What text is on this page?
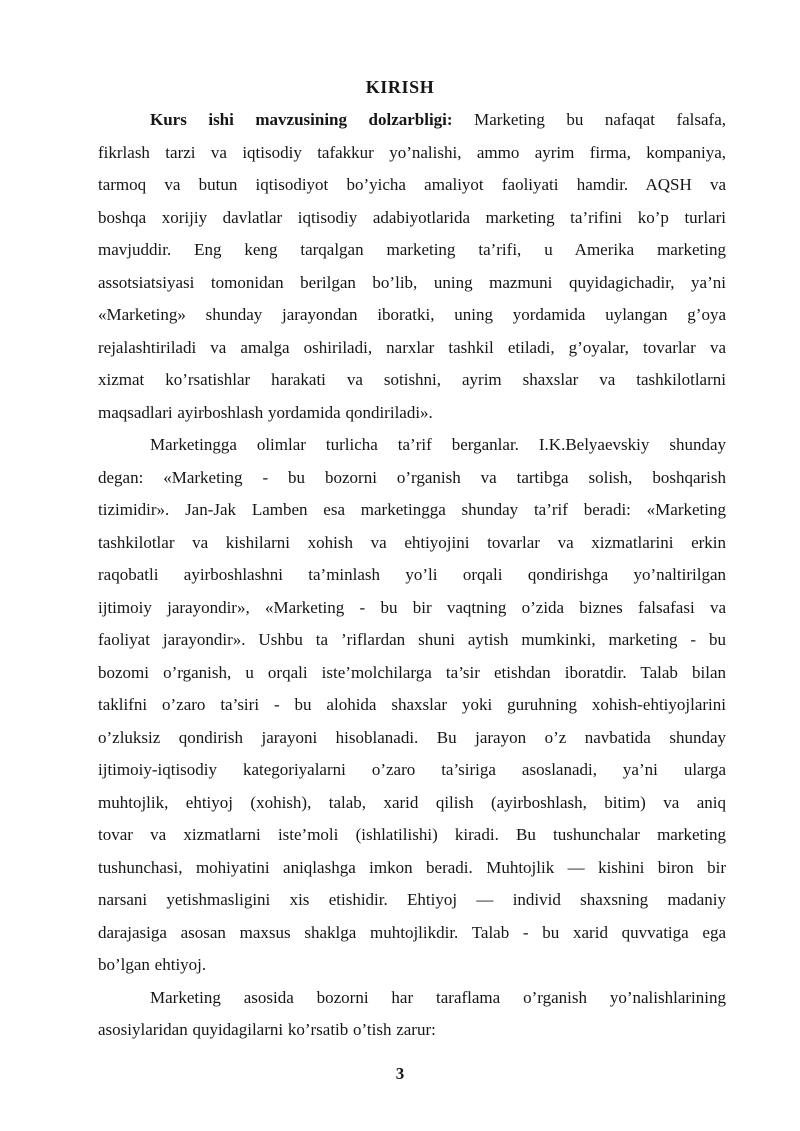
KIRISH
Kurs ishi mavzusining dolzarbligi: Marketing bu nafaqat falsafa,
fikrlash tarzi va iqtisodiy tafakkur yo’nalishi, ammo ayrim firma, kompaniya,
tarmoq va butun iqtisodiyot bo’yicha amaliyot faoliyati hamdir. AQSH va
boshqa xorijiy davlatlar iqtisodiy adabiyotlarida marketing ta’rifini ko’p turlari
mavjuddir. Eng keng tarqalgan marketing ta’rifi, u Amerika marketing
assotsiatsiyasi tomonidan berilgan bo’lib, uning mazmuni quyidagichadir, ya’ni
«Marketing» shunday jarayondan iboratki, uning yordamida uylangan g’oya
rejalashtiriladi va amalga oshiriladi, narxlar tashkil etiladi, g’oyalar, tovarlar va
xizmat ko’rsatishlar harakati va sotishni, ayrim shaxslar va tashkilotlarni
maqsadlari ayirboshlash yordamida qondiriladi».
Marketingga olimlar turlicha ta’rif berganlar. I.K.Belyaevskiy shunday
degan: «Marketing - bu bozorni o’rganish va tartibga solish, boshqarish
tizimidir». Jan-Jak Lamben esa marketingga shunday ta’rif beradi: «Marketing
tashkilotlar va kishilarni xohish va ehtiyojini tovarlar va xizmatlarini erkin
raqobatli ayirboshlashni ta’minlash yo’li orqali qondirishga yo’naltirilgan
ijtimoiy jarayondir», «Marketing - bu bir vaqtning o’zida biznes falsafasi va
faoliyat jarayondir». Ushbu ta ’riflardan shuni aytish mumkinki, marketing - bu
bozomi o’rganish, u orqali iste’molchilarga ta’sir etishdan iboratdir. Talab bilan
taklifni o’zaro ta’siri - bu alohida shaxslar yoki guruhning xohish-ehtiyojlarini
o’zluksiz qondirish jarayoni hisoblanadi. Bu jarayon o’z navbatida shunday
ijtimoiy-iqtisodiy kategoriyalarni o’zaro ta’siriga asoslanadi, ya’ni ularga
muhtojlik, ehtiyoj (xohish), talab, xarid qilish (ayirboshlash, bitim) va aniq
tovar va xizmatlarni iste’moli (ishlatilishi) kiradi. Bu tushunchalar marketing
tushunchasi, mohiyatini aniqlashga imkon beradi. Muhtojlik — kishini biron bir
narsani yetishmasligini xis etishidir. Ehtiyoj — individ shaxsning madaniy
darajasiga asosan maxsus shaklga muhtojlikdir. Talab - bu xarid quvvatiga ega
bo’lgan ehtiyoj.
Marketing asosida bozorni har taraflama o’rganish yo’nalishlarining
asosiylaridan quyidagilarni ko’rsatib o’tish zarur:
3
